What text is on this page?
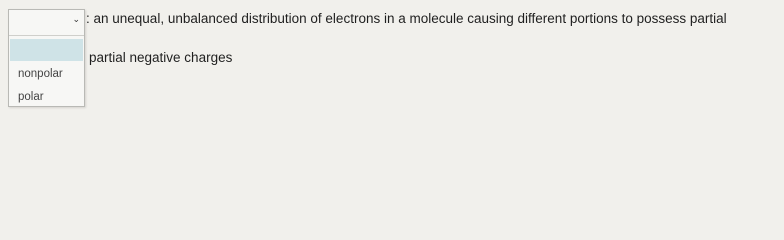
⌄
nonpolar
polar
: an unequal, unbalanced distribution of electrons in a molecule causing different portions to possess partial
partial negative charges
